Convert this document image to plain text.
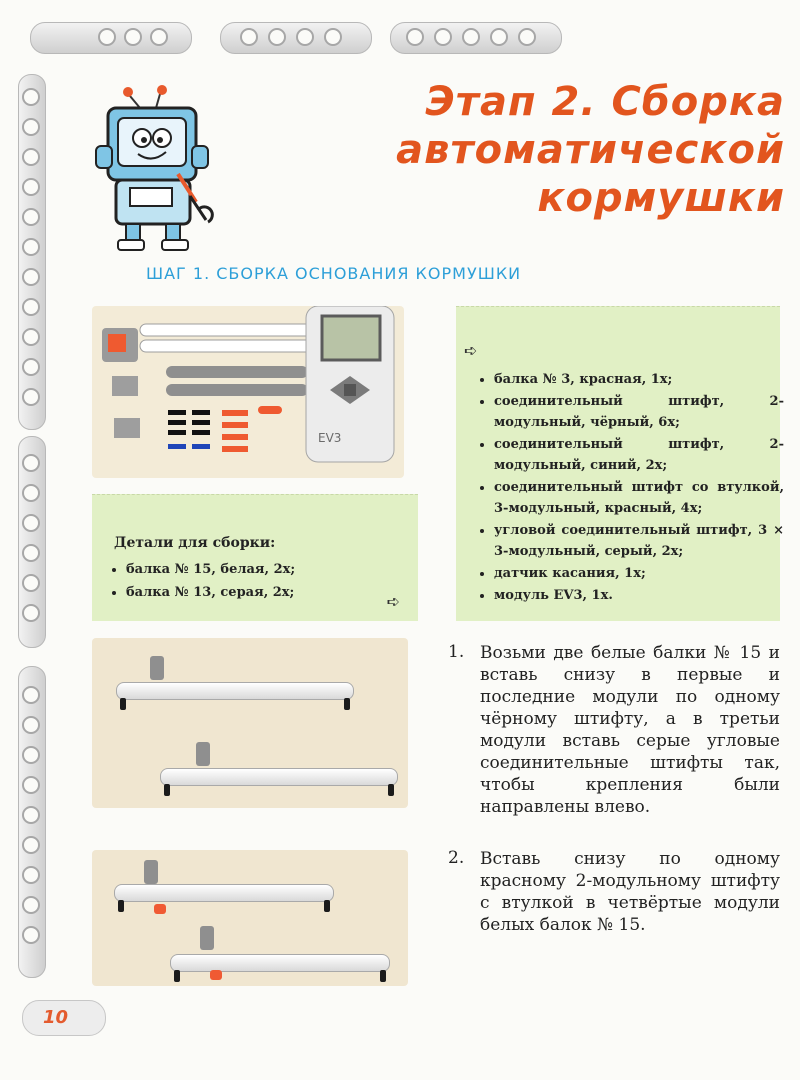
Этап 2. Сборка
автоматической кормушки
ШАГ 1. СБОРКА ОСНОВАНИЯ КОРМУШКИ
EV3
Детали для сборки:
• балка № 15, белая, 2х;
• балка № 13, серая, 2х;	➪
➪
• балка № 3, красная, 1х;
• соединительный штифт, 2-модульный, чёрный, 6х;
• соединительный штифт, 2-модульный, синий, 2х;
• соединительный штифт со втулкой, 3-модульный, красный, 4х;
• угловой соединительный штифт, 3 × 3-модульный, серый, 2х;
• датчик касания, 1х;
• модуль EV3, 1х.
1. Возьми две белые балки № 15 и вставь снизу в первые и последние модули по одному чёрному штифту, а в третьи модули вставь серые угловые соединительные штифты так, чтобы крепления были направлены влево.
2. Вставь снизу по одному красному 2-модульному штифту с втулкой в четвёртые модули белых балок № 15.
10
